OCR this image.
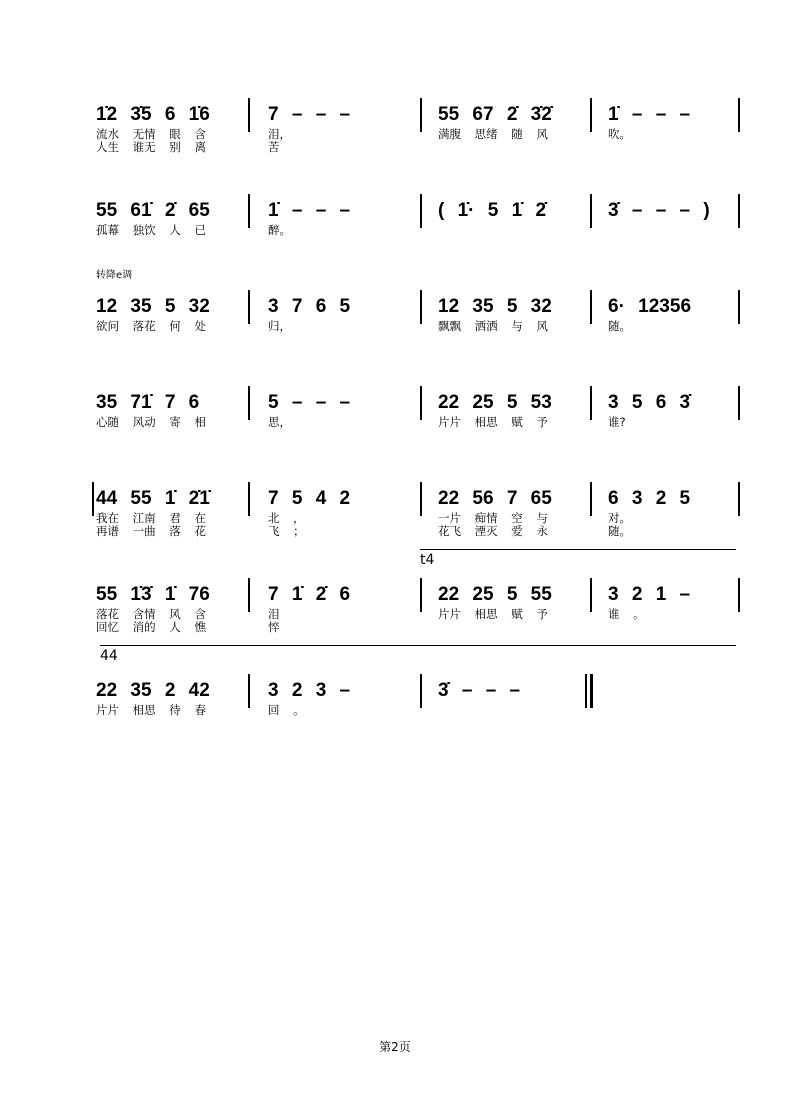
1̇2 3̇5 6 1̇6
流水 无情 眼 含
人生 谁无 别 离
7 – – –
泪，
苦
55 67 2̇ 3̇2̇
满腹 思绪 随 风
1̇ – – –
吹。
55 61̇ 2̇ 65
孤幕 独饮 人 已
1̇ – – –
醉。
( 1̇· 5 1̇ 2̇	3̇ – – – )
转降e调
12 35 5 32
欲问 落花 何 处
3 7 6 5
归，
12 35 5 32
飘飘 洒洒 与 风
6· 12356
随。
35 71̇ 7 6
心随 风动 寄 相
5 – – –
思，
22 25 5 53
片片 相思 赋 予
3 5 6 3̇
谁?
44 55 1̇ 2̇1̇
我在 江南 君 在
再谱 一曲 落 花
7 5 4 2
北 ，
飞 ；
22 56 7 65
一片 痴情 空 与
花飞 湮灭 爱 永
6 3 2 5
对。
随。
t4
55 1̇3̇ 1̇ 76
落花 含情 风 含
回忆 消的 人 憔
7 1̇ 2̇ 6
泪
悴
22 25 5 55
片片 相思 赋 予
3 2 1 –
谁 。
44
22 35 2 42
片片 相思 待 春
3 2 3 –
回 。
3̇ – – –
第2页
